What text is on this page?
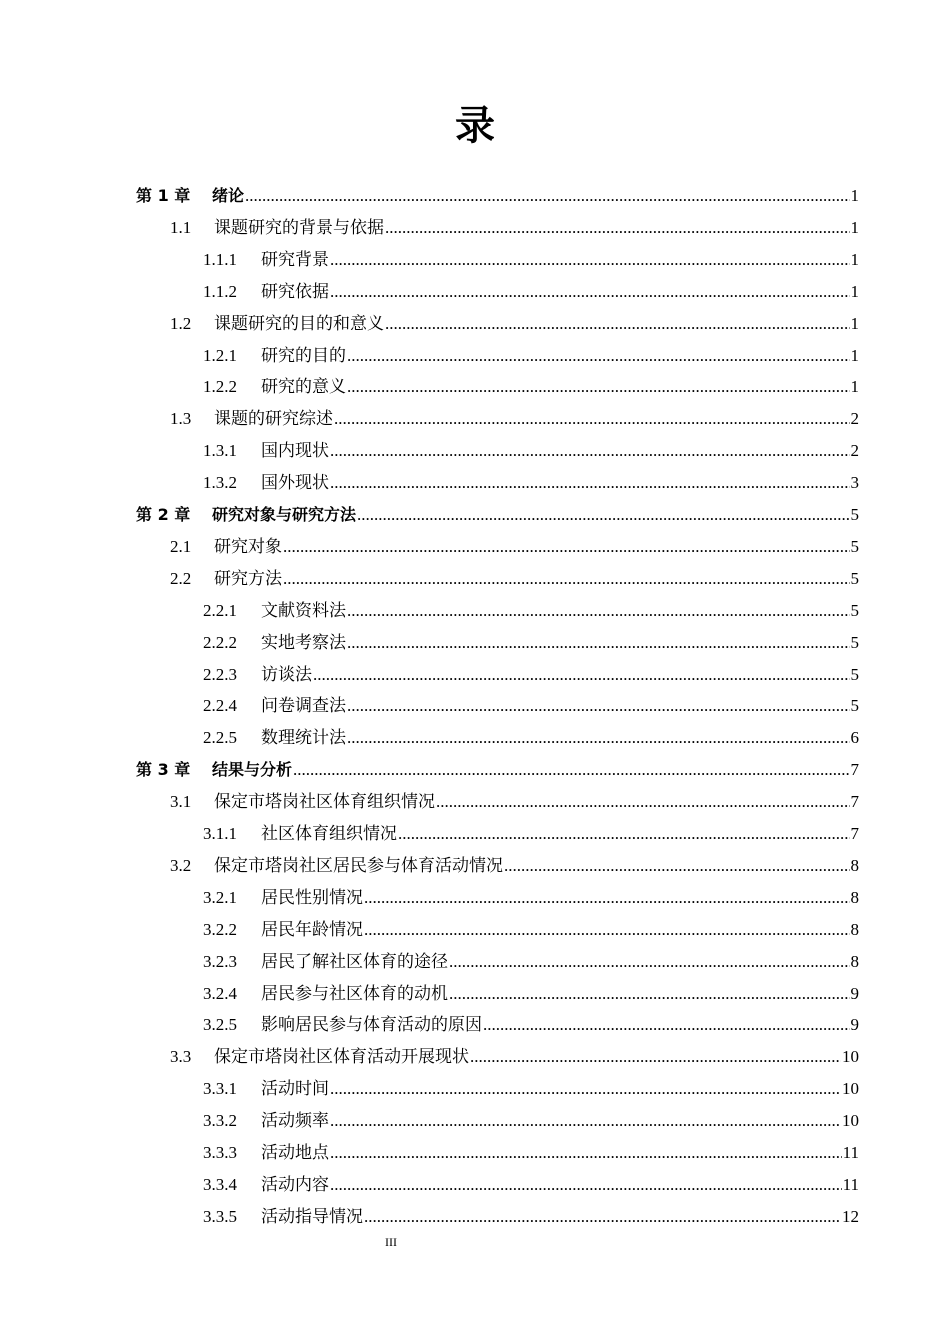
录
第 1 章	绪论 .....	1
1.1	课题研究的背景与依据 .....	1
1.1.1	研究背景 .....	1
1.1.2	研究依据 .....	1
1.2	课题研究的目的和意义 .....	1
1.2.1	研究的目的 .....	1
1.2.2	研究的意义 .....	1
1.3	课题的研究综述 .....	2
1.3.1	国内现状 .....	2
1.3.2	国外现状 .....	3
第 2 章	研究对象与研究方法 .....	5
2.1	研究对象 .....	5
2.2	研究方法 .....	5
2.2.1	文献资料法 .....	5
2.2.2	实地考察法 .....	5
2.2.3	访谈法 .....	5
2.2.4	问卷调查法 .....	5
2.2.5	数理统计法 .....	6
第 3 章	结果与分析 .....	7
3.1	保定市塔岗社区体育组织情况 .....	7
3.1.1	社区体育组织情况 .....	7
3.2	保定市塔岗社区居民参与体育活动情况 .....	8
3.2.1	居民性别情况 .....	8
3.2.2	居民年龄情况 .....	8
3.2.3	居民了解社区体育的途径 .....	8
3.2.4	居民参与社区体育的动机 .....	9
3.2.5	影响居民参与体育活动的原因 .....	9
3.3	保定市塔岗社区体育活动开展现状 .....	10
3.3.1	活动时间 .....	10
3.3.2	活动频率 .....	10
3.3.3	活动地点 .....	11
3.3.4	活动内容 .....	11
3.3.5	活动指导情况 .....	12
III
